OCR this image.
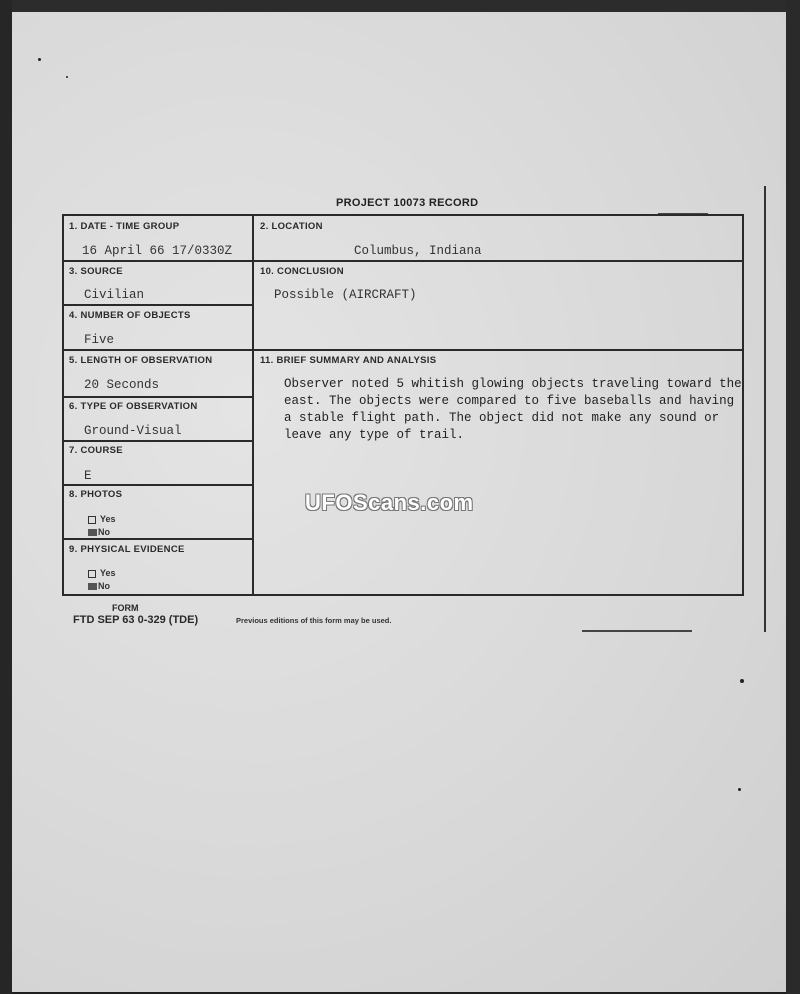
PROJECT 10073 RECORD
1. DATE - TIME GROUP
16 April 66 17/0330Z
2. LOCATION
Columbus, Indiana
3. SOURCE
Civilian
10. CONCLUSION
Possible (AIRCRAFT)
4. NUMBER OF OBJECTS
Five
5. LENGTH OF OBSERVATION
20 Seconds
11. BRIEF SUMMARY AND ANALYSIS
6. TYPE OF OBSERVATION
Ground-Visual
7. COURSE
E
8. PHOTOS
Yes
No
9. PHYSICAL EVIDENCE
Yes
No
Observer noted 5 whitish glowing objects traveling toward the
east. The objects were compared to five baseballs and having
a stable flight path. The object did not make any sound or
leave any type of trail.
UFOScans.com
FORM
FTD SEP 63 0-329 (TDE)	Previous editions of this form may be used.
